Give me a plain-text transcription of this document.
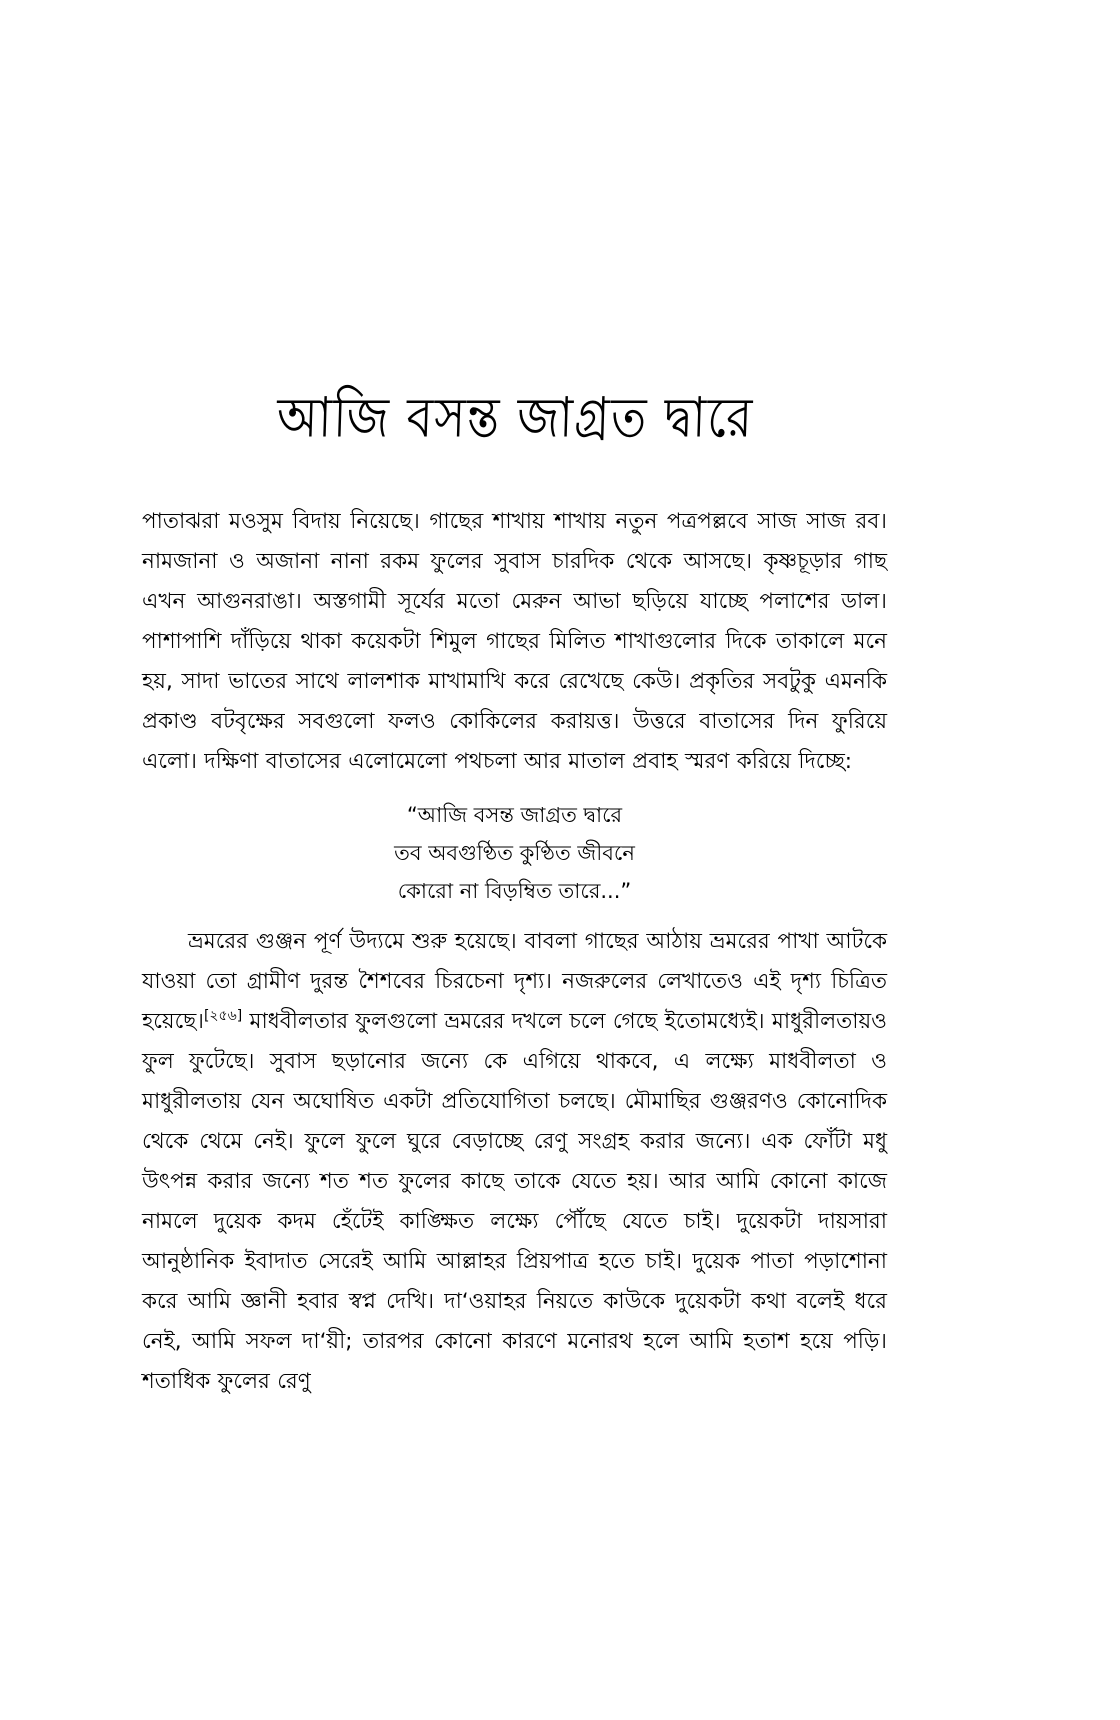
আজি বসন্ত জাগ্রত দ্বারে

পাতাঝরা মওসুম বিদায় নিয়েছে। গাছের শাখায় শাখায় নতুন পত্রপল্লবে সাজ সাজ রব। নামজানা ও অজানা নানা রকম ফুলের সুবাস চারদিক থেকে আসছে। কৃষ্ণচূড়ার গাছ এখন আগুনরাঙা। অস্তগামী সূর্যের মতো মেরুন আভা ছড়িয়ে যাচ্ছে পলাশের ডাল। পাশাপাশি দাঁড়িয়ে থাকা কয়েকটা শিমুল গাছের মিলিত শাখাগুলোর দিকে তাকালে মনে হয়, সাদা ভাতের সাথে লালশাক মাখামাখি করে রেখেছে কেউ। প্রকৃতির সবটুকু এমনকি প্রকাণ্ড বটবৃক্ষের সবগুলো ফলও কোকিলের করায়ত্ত। উত্তরে বাতাসের দিন ফুরিয়ে এলো। দক্ষিণা বাতাসের এলোমেলো পথচলা আর মাতাল প্রবাহ স্মরণ করিয়ে দিচ্ছে:

“আজি বসন্ত জাগ্রত দ্বারে
তব অবগুণ্ঠিত কুণ্ঠিত জীবনে
কোরো না বিড়ম্বিত তারে...”

ভ্রমরের গুঞ্জন পূর্ণ উদ্যমে শুরু হয়েছে। বাবলা গাছের আঠায় ভ্রমরের পাখা আটকে যাওয়া তো গ্রামীণ দুরন্ত শৈশবের চিরচেনা দৃশ্য। নজরুলের লেখাতেও এই দৃশ্য চিত্রিত হয়েছে।[২৫৬] মাধবীলতার ফুলগুলো ভ্রমরের দখলে চলে গেছে ইতোমধ্যেই। মাধুরীলতায়ও ফুল ফুটেছে। সুবাস ছড়ানোর জন্যে কে এগিয়ে থাকবে, এ লক্ষ্যে মাধবীলতা ও মাধুরীলতায় যেন অঘোষিত একটা প্রতিযোগিতা চলছে। মৌমাছির গুঞ্জরণও কোনোদিক থেকে থেমে নেই। ফুলে ফুলে ঘুরে বেড়াচ্ছে রেণু সংগ্রহ করার জন্যে। এক ফোঁটা মধু উৎপন্ন করার জন্যে শত শত ফুলের কাছে তাকে যেতে হয়। আর আমি কোনো কাজে নামলে দুয়েক কদম হেঁটেই কাঙ্ক্ষিত লক্ষ্যে পৌঁছে যেতে চাই। দুয়েকটা দায়সারা আনুষ্ঠানিক ইবাদাত সেরেই আমি আল্লাহর প্রিয়পাত্র হতে চাই। দুয়েক পাতা পড়াশোনা করে আমি জ্ঞানী হবার স্বপ্ন দেখি। দা‘ওয়াহর নিয়তে কাউকে দুয়েকটা কথা বলেই ধরে নেই, আমি সফল দা‘য়ী; তারপর কোনো কারণে মনোরথ হলে আমি হতাশ হয়ে পড়ি। শতাধিক ফুলের রেণু
